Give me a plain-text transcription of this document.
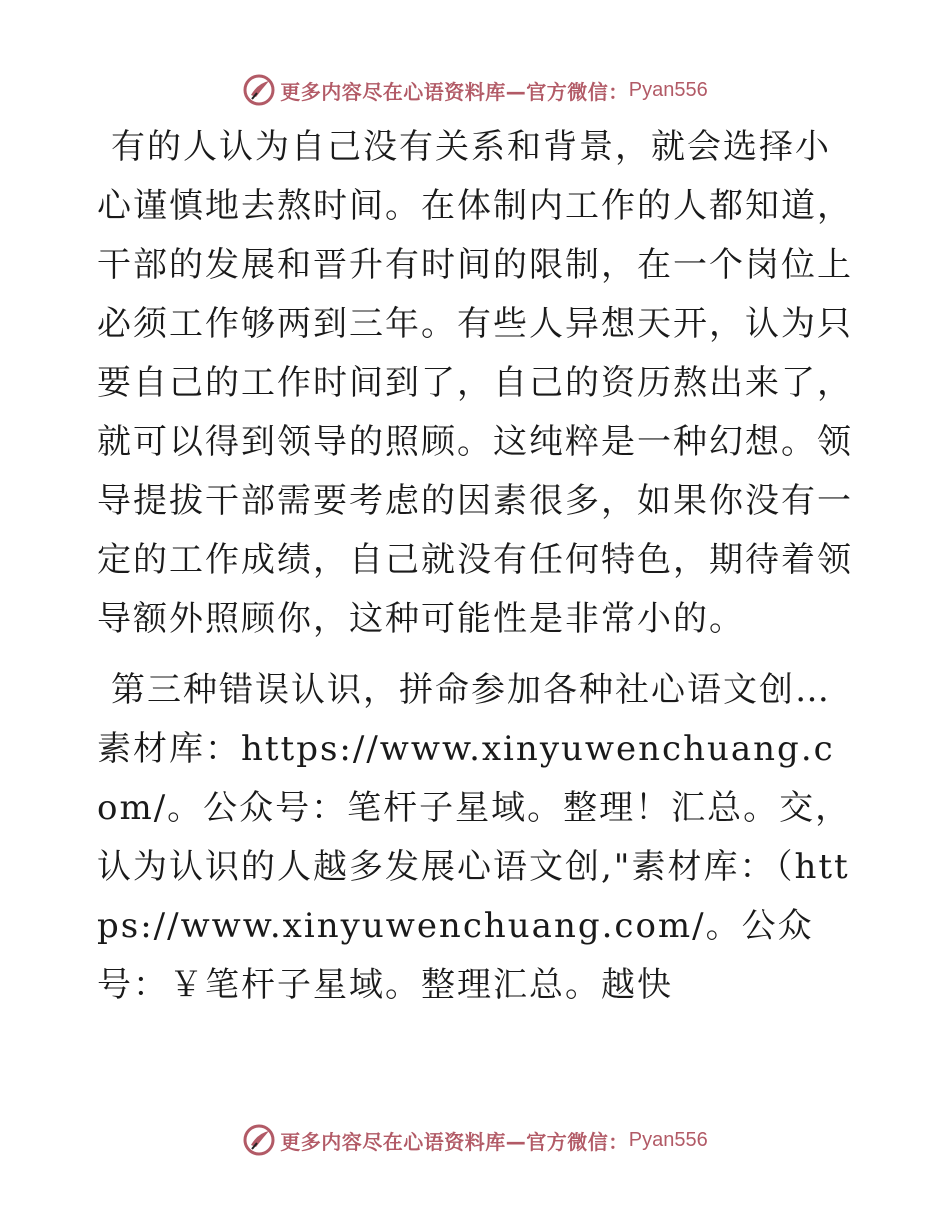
更多内容尽在心语资料库—官方微信： Pyan556

有的人认为自己没有关系和背景，就会选择小心谨慎地去熬时间。在体制内工作的人都知道，干部的发展和晋升有时间的限制，在一个岗位上必须工作够两到三年。有些人异想天开，认为只要自己的工作时间到了，自己的资历熬出来了，就可以得到领导的照顾。这纯粹是一种幻想。领导提拔干部需要考虑的因素很多，如果你没有一定的工作成绩，自己就没有任何特色，期待着领导额外照顾你，这种可能性是非常小的。

第三种错误认识，拼命参加各种社心语文创…素材库：https://www.xinyuwenchuang.com/。公众号：笔杆子星域。整理！汇总。交，认为认识的人越多发展心语文创,"素材库：（https://www.xinyuwenchuang.com/。公众号：￥笔杆子星域。整理汇总。越快

更多内容尽在心语资料库—官方微信： Pyan556
